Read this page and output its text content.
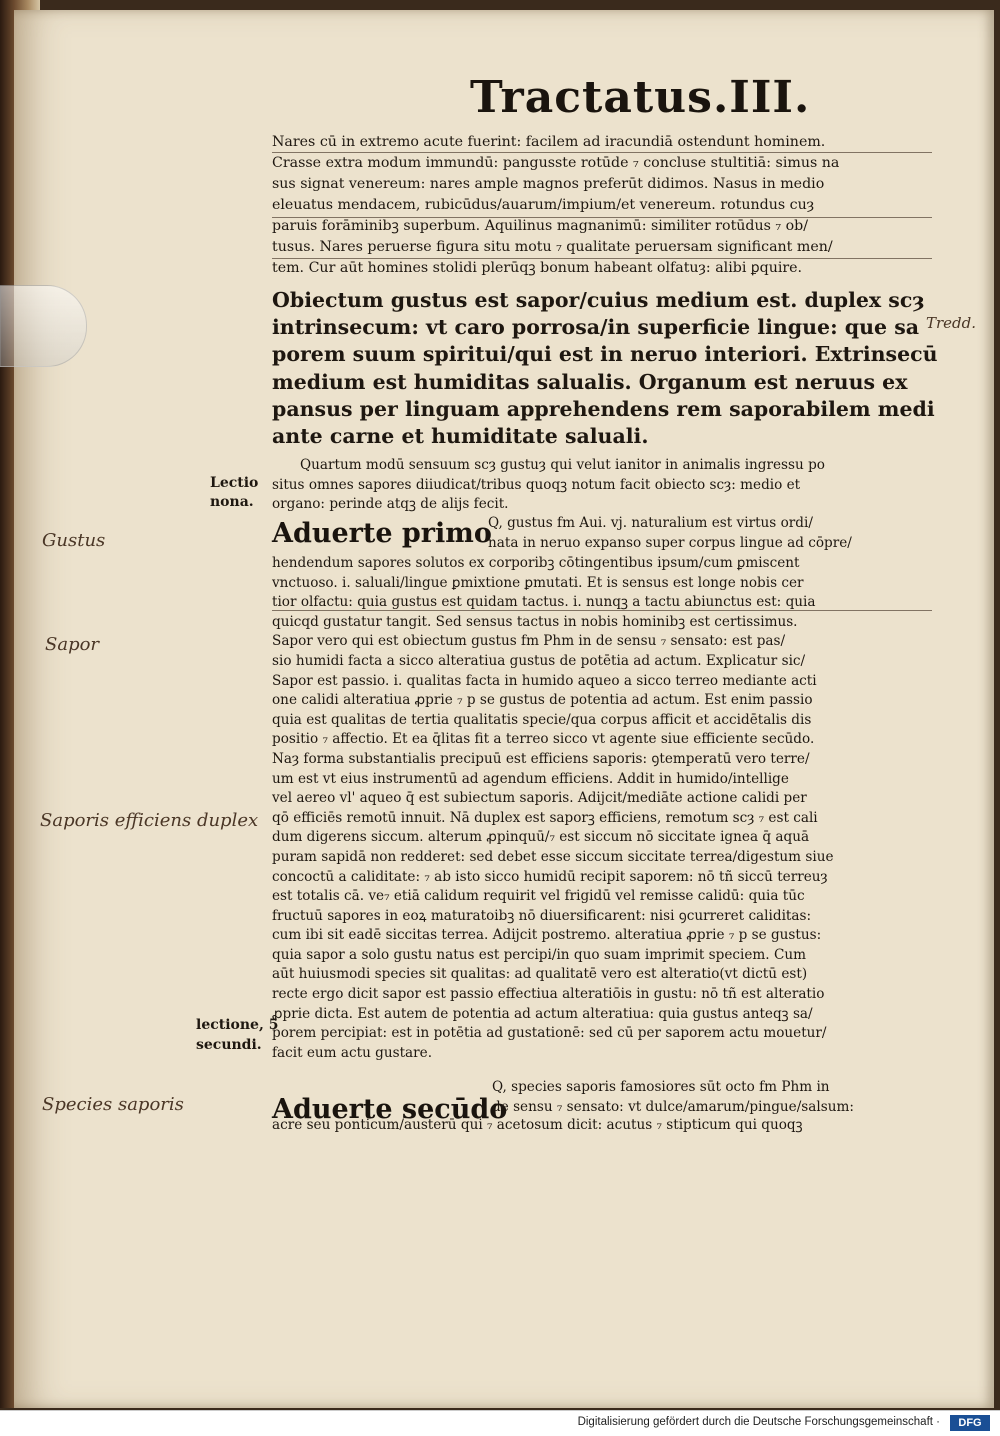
Tractatus.III.
Nares cū in extremo acute fuerint: facilem ad iracundiā ostendunt hominem.
Crasse extra modum immundū: pangusste rotūde ₇ concluse stultitiā: simus na
sus signat venereum: nares ample magnos preferūt didimos. Nasus in medio
eleuatus mendacem, rubicūdus/auarum/impium/et venereum. rotundus cuȝ
paruis forāminibꝫ superbum. Aquilinus magnanimū: similiter rotūdus ₇ ob/
tusus. Nares peruerse figura situ motu ₇ qualitate peruersam significant men/
tem. Cur aūt homines stolidi plerūqꝫ bonum habeant olfatuȝ: alibi ꝑquire.
Obiectum gustus est sapor/cuius medium est. duplex scȝ
intrinsecum: vt caro porrosa/in superficie lingue: que sa
porem suum spiritui/qui est in neruo interiori. Extrinsecū
medium est humiditas salualis. Organum est neruus ex
pansus per linguam apprehendens rem saporabilem medi
ante carne et humiditate saluali.
Quartum modū sensuum scȝ gustuȝ qui velut ianitor in animalis ingressu po
situs omnes sapores diiudicat/tribus quoqꝫ notum facit obiecto scȝ: medio et
organo: perinde atqꝫ de alijs fecit.
Aduerte primo
Q, gustus fm Aui. vj. naturalium est virtus ordi/
nata in neruo expanso super corpus lingue ad cōpre/
hendendum sapores solutos ex corporibꝫ cōtingentibus ipsum/cum ꝑmiscent
vnctuoso. i. saluali/lingue ꝑmixtione ꝑmutati. Et is sensus est longe nobis cer
tior olfactu: quia gustus est quidam tactus. i. nunqꝫ a tactu abiunctus est: quia
quicqd gustatur tangit. Sed sensus tactus in nobis hominibꝫ est certissimus.
Sapor vero qui est obiectum gustus fm Phm in de sensu ₇ sensato: est pas/
sio humidi facta a sicco alteratiua gustus de potētia ad actum. Explicatur sic/
Sapor est passio. i. qualitas facta in humido aqueo a sicco terreo mediante acti
one calidi alteratiua ꝓprie ₇ p se gustus de potentia ad actum. Est enim passio
quia est qualitas de tertia qualitatis specie/qua corpus afficit et accidētalis dis
positio ₇ affectio. Et ea q̄litas fit a terreo sicco vt agente siue efficiente secūdo.
Naȝ forma substantialis precipuū est efficiens saporis: ꝯtemperatū vero terre/
um est vt eius instrumentū ad agendum efficiens. Addit in humido/intellige
vel aereo vl' aqueo q̄ est subiectum saporis. Adijcit/mediāte actione calidi per
qō efficiēs remotū innuit. Nā duplex est saporꝫ efficiens, remotum scȝ ₇ est cali
dum digerens siccum. alterum ꝓpinquū/₇ est siccum nō siccitate ignea q̄ aquā
puram sapidā non redderet: sed debet esse siccum siccitate terrea/digestum siue
concoctū a caliditate: ₇ ab isto sicco humidū recipit saporem: nō tñ siccū terreuȝ
est totalis cā. ve₇ etiā calidum requirit vel frigidū vel remisse calidū: quia tūc
fructuū sapores in eoꝝ maturatoibꝫ nō diuersificarent: nisi ꝯcurreret caliditas:
cum ibi sit eadē siccitas terrea. Adijcit postremo. alteratiua ꝓprie ₇ p se gustus:
quia sapor a solo gustu natus est percipi/in quo suam imprimit speciem. Cum
aūt huiusmodi species sit qualitas: ad qualitatē vero est alteratio(vt dictū est)
recte ergo dicit sapor est passio effectiua alteratiōis in gustu: nō tñ est alteratio
ꝓprie dicta. Est autem de potentia ad actum alteratiua: quia gustus anteqꝫ sa/
porem percipiat: est in potētia ad gustationē: sed cū per saporem actu mouetur/
facit eum actu gustare.
Aduerte secūdo
Q, species saporis famosiores sūt octo fm Phm in
de sensu ₇ sensato: vt dulce/amarum/pingue/salsum:
acre seu ponticum/austerū qui ₇ acetosum dicit: acutus ₇ stipticum qui quoqꝫ
Lectio
nona.
lectione, 5
secundi.
Gustus
Sapor
Saporis efficiens duplex
Species saporis
Tredd.
Digitalisierung gefördert durch die Deutsche Forschungsgemeinschaft ·	DFG
